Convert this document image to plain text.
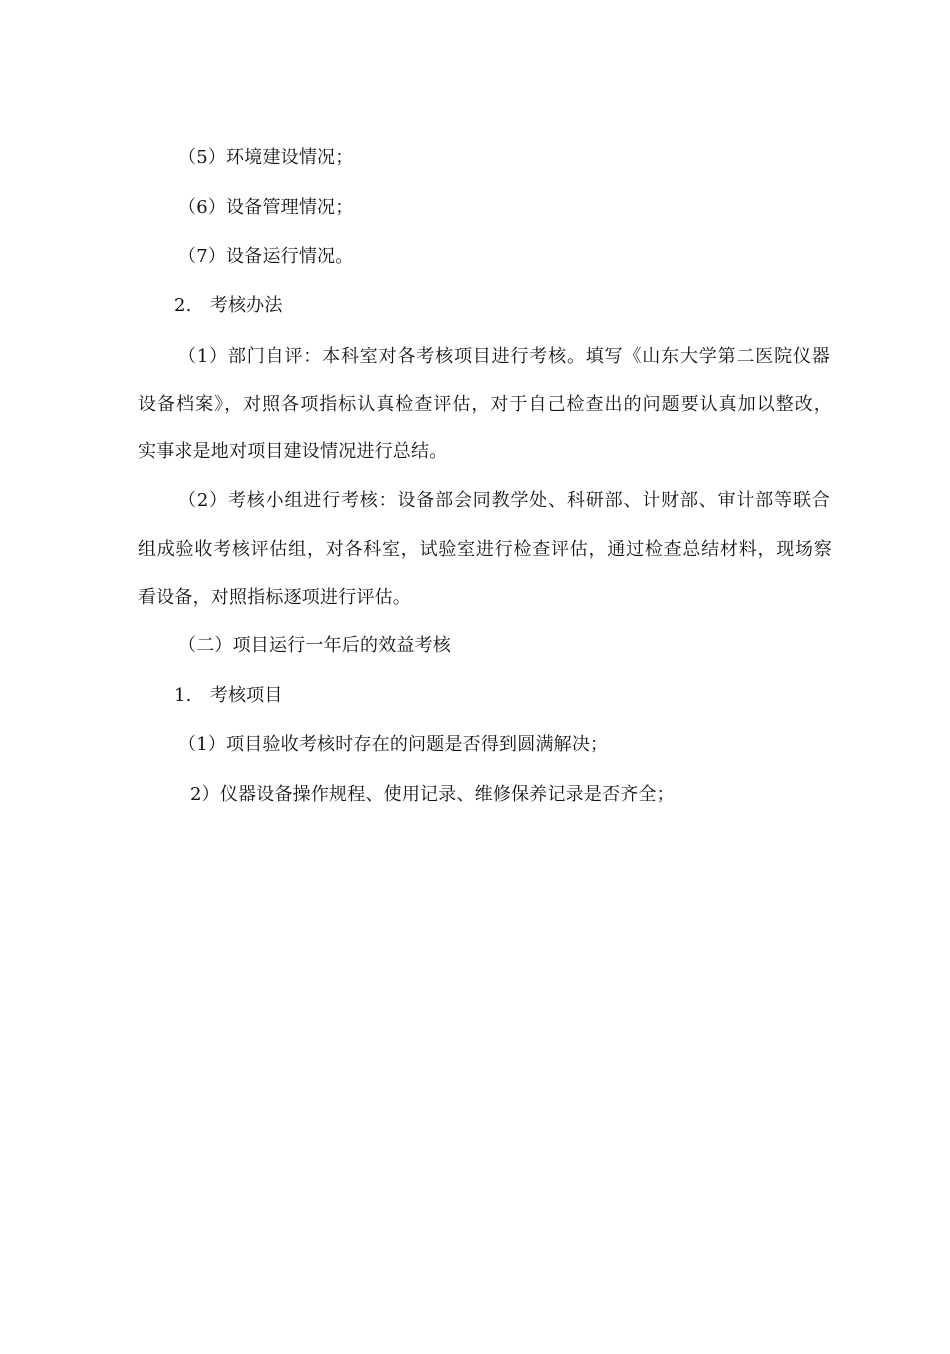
（5）环境建设情况；
（6）设备管理情况；
（7）设备运行情况。
2.　考核办法
（1）部门自评：本科室对各考核项目进行考核。填写《山东大学第二医院仪器
设备档案》，对照各项指标认真检查评估，对于自己检查出的问题要认真加以整改，
实事求是地对项目建设情况进行总结。
（2）考核小组进行考核：设备部会同教学处、科研部、计财部、审计部等联合
组成验收考核评估组，对各科室，试验室进行检查评估，通过检查总结材料，现场察
看设备，对照指标逐项进行评估。
（二）项目运行一年后的效益考核
1.　考核项目
（1）项目验收考核时存在的问题是否得到圆满解决；
2）仪器设备操作规程、使用记录、维修保养记录是否齐全；
